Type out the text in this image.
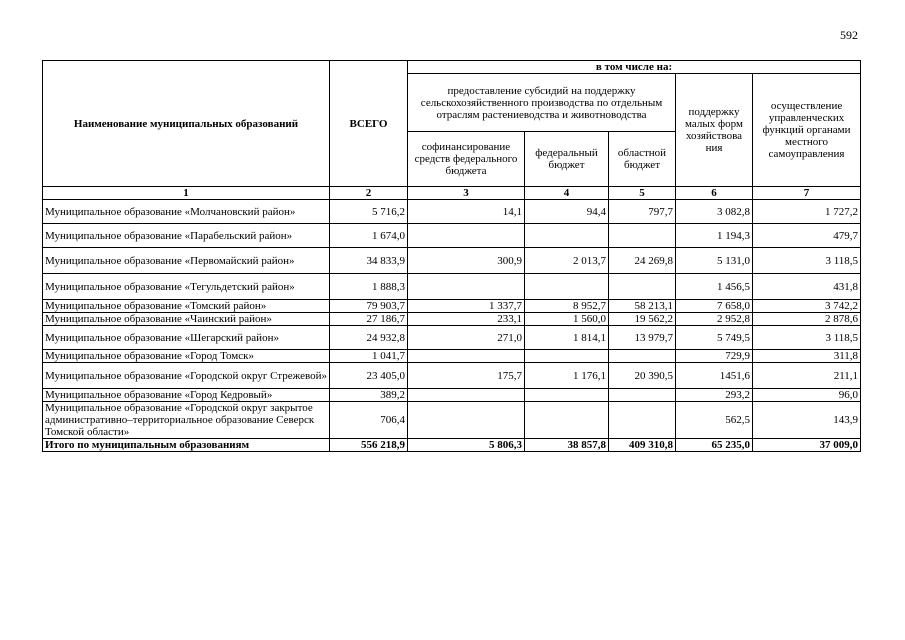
592
Наименование муниципальных образований	ВСЕГО	в том числе на:				
		предоставление субсидий на поддержку сельскохозяйственного производства по отдельным отраслям растениеводства и животноводства			поддержку малых форм хозяйствова ния	осуществление управленческих функций органами местного самоуправления
		софинансирование средств федерального бюджета	федеральный бюджет	областной бюджет		
1	2	3	4	5	6	7
Муниципальное образование «Молчановский район»	5 716,2	14,1	94,4	797,7	3 082,8	1 727,2
Муниципальное образование «Парабельский район»	1 674,0				1 194,3	479,7
Муниципальное образование «Первомайский район»	34 833,9	300,9	2 013,7	24 269,8	5 131,0	3 118,5
Муниципальное образование «Тегульдетский район»	1 888,3				1 456,5	431,8
Муниципальное образование «Томский район»	79 903,7	1 337,7	8 952,7	58 213,1	7 658,0	3 742,2
Муниципальное образование «Чаинский район»	27 186,7	233,1	1 560,0	19 562,2	2 952,8	2 878,6
Муниципальное образование «Шегарский район»	24 932,8	271,0	1 814,1	13 979,7	5 749,5	3 118,5
Муниципальное образование «Город Томск»	1 041,7				729,9	311,8
Муниципальное образование «Городской округ Стрежевой»	23 405,0	175,7	1 176,1	20 390,5	1451,6	211,1
Муниципальное образование «Город Кедровый»	389,2				293,2	96,0
Муниципальное образование «Городской округ закрытое административно–территориальное образование Северск Томской области»	706,4				562,5	143,9
Итого по муниципальным образованиям	556 218,9	5 806,3	38 857,8	409 310,8	65 235,0	37 009,0
